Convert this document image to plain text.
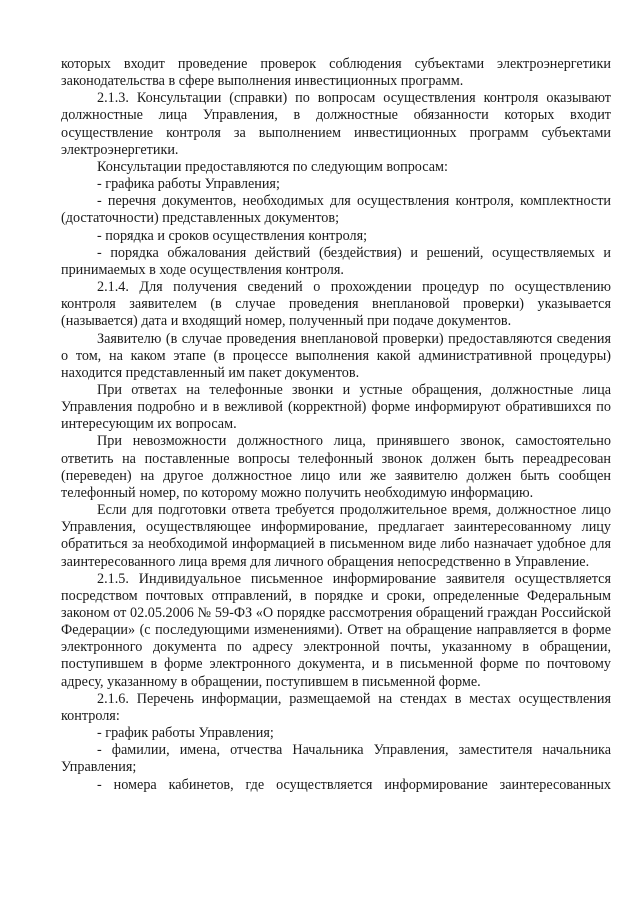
которых входит проведение проверок соблюдения субъектами электроэнергетики законодательства в сфере выполнения инвестиционных программ.

2.1.3. Консультации (справки) по вопросам осуществления контроля оказывают должностные лица Управления, в должностные обязанности которых входит осуществление контроля за выполнением инвестиционных программ субъектами электроэнергетики.

Консультации предоставляются по следующим вопросам:

- графика работы Управления;

- перечня документов, необходимых для осуществления контроля, комплектности (достаточности) представленных документов;

- порядка и сроков осуществления контроля;

- порядка обжалования действий (бездействия) и решений, осуществляемых и принимаемых в ходе осуществления контроля.

2.1.4. Для получения сведений о прохождении процедур по осуществлению контроля заявителем (в случае проведения внеплановой проверки) указывается (называется) дата и входящий номер, полученный при подаче документов.

Заявителю (в случае проведения внеплановой проверки) предоставляются сведения о том, на каком этапе (в процессе выполнения какой административной процедуры) находится представленный им пакет документов.

При ответах на телефонные звонки и устные обращения, должностные лица Управления подробно и в вежливой (корректной) форме информируют обратившихся по интересующим их вопросам.

При невозможности должностного лица, принявшего звонок, самостоятельно ответить на поставленные вопросы телефонный звонок должен быть переадресован (переведен) на другое должностное лицо или же заявителю должен быть сообщен телефонный номер, по которому можно получить необходимую информацию.

Если для подготовки ответа требуется продолжительное время, должностное лицо Управления, осуществляющее информирование, предлагает заинтересованному лицу обратиться за необходимой информацией в письменном виде либо назначает удобное для заинтересованного лица время для личного обращения непосредственно в Управление.

2.1.5. Индивидуальное письменное информирование заявителя осуществляется посредством почтовых отправлений, в порядке и сроки, определенные Федеральным законом от 02.05.2006 № 59-ФЗ «О порядке рассмотрения обращений граждан Российской Федерации» (с последующими изменениями). Ответ на обращение направляется в форме электронного документа по адресу электронной почты, указанному в обращении, поступившем в форме электронного документа, и в письменной форме по почтовому адресу, указанному в обращении, поступившем в письменной форме.

2.1.6. Перечень информации, размещаемой на стендах в местах осуществления контроля:

- график работы Управления;

- фамилии, имена, отчества Начальника Управления, заместителя начальника Управления;

- номера кабинетов, где осуществляется информирование заинтересованных
